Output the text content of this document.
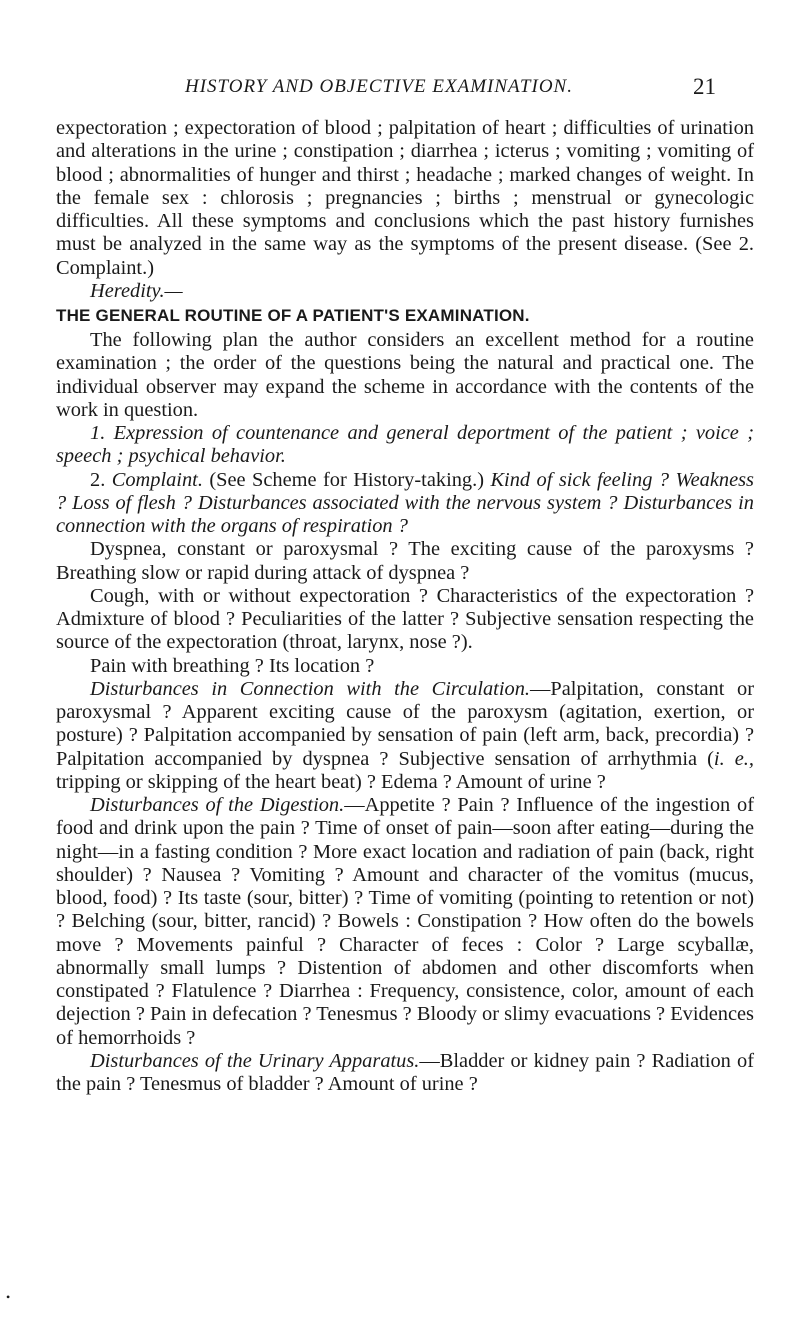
HISTORY AND OBJECTIVE EXAMINATION.	21

expectoration ; expectoration of blood ; palpitation of heart ; difficulties of urination and alterations in the urine ; constipation ; diarrhea ; icterus ; vomiting ; vomiting of blood ; abnormalities of hunger and thirst ; headache ; marked changes of weight. In the female sex : chlorosis ; pregnancies ; births ; menstrual or gynecologic difficulties. All these symptoms and conclusions which the past history furnishes must be analyzed in the same way as the symptoms of the present disease. (See 2. Complaint.)

Heredity.—

THE GENERAL ROUTINE OF A PATIENT'S EXAMINATION.

The following plan the author considers an excellent method for a routine examination ; the order of the questions being the natural and practical one. The individual observer may expand the scheme in accordance with the contents of the work in question.

1. Expression of countenance and general deportment of the patient ; voice ; speech ; psychical behavior.

2. Complaint. (See Scheme for History-taking.) Kind of sick feeling ? Weakness ? Loss of flesh ? Disturbances associated with the nervous system ? Disturbances in connection with the organs of respiration ?

Dyspnea, constant or paroxysmal ? The exciting cause of the paroxysms ? Breathing slow or rapid during attack of dyspnea ?

Cough, with or without expectoration ? Characteristics of the expectoration ? Admixture of blood ? Peculiarities of the latter ? Subjective sensation respecting the source of the expectoration (throat, larynx, nose ?).

Pain with breathing ? Its location ?

Disturbances in Connection with the Circulation.—Palpitation, constant or paroxysmal ? Apparent exciting cause of the paroxysm (agitation, exertion, or posture) ? Palpitation accompanied by sensation of pain (left arm, back, precordia) ? Palpitation accompanied by dyspnea ? Subjective sensation of arrhythmia (i. e., tripping or skipping of the heart beat) ? Edema ? Amount of urine ?

Disturbances of the Digestion.—Appetite ? Pain ? Influence of the ingestion of food and drink upon the pain ? Time of onset of pain—soon after eating—during the night—in a fasting condition ? More exact location and radiation of pain (back, right shoulder) ? Nausea ? Vomiting ? Amount and character of the vomitus (mucus, blood, food) ? Its taste (sour, bitter) ? Time of vomiting (pointing to retention or not) ? Belching (sour, bitter, rancid) ? Bowels : Constipation ? How often do the bowels move ? Movements painful ? Character of feces : Color ? Large scyballæ, abnormally small lumps ? Distention of abdomen and other discomforts when constipated ? Flatulence ? Diarrhea : Frequency, consistence, color, amount of each dejection ? Pain in defecation ? Tenesmus ? Bloody or slimy evacuations ? Evidences of hemorrhoids ?

Disturbances of the Urinary Apparatus.—Bladder or kidney pain ? Radiation of the pain ? Tenesmus of bladder ? Amount of urine ?

•
